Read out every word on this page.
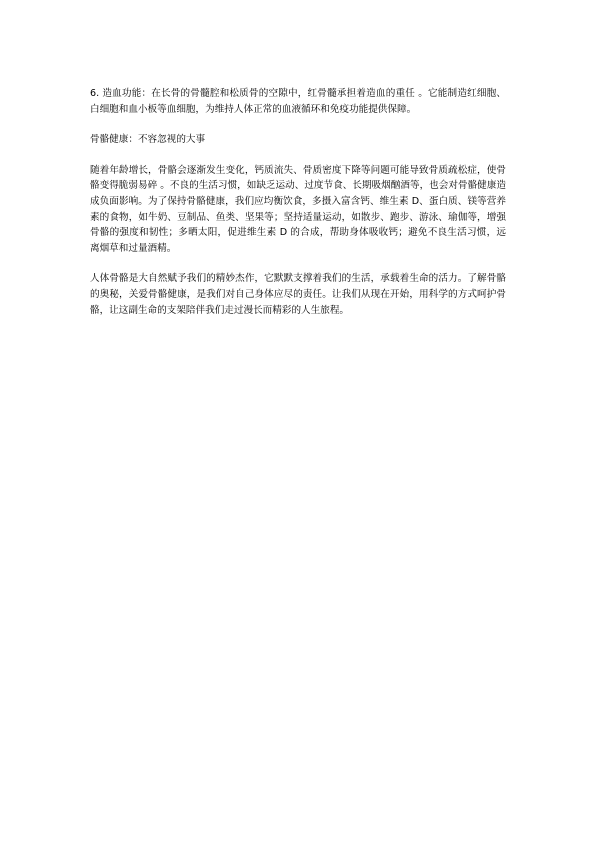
6. 造血功能：在长骨的骨髓腔和松质骨的空隙中，红骨髓承担着造血的重任 。它能制造红细胞、白细胞和血小板等血细胞，为维持人体正常的血液循环和免疫功能提供保障。

骨骼健康：不容忽视的大事

随着年龄增长，骨骼会逐渐发生变化，钙质流失、骨质密度下降等问题可能导致骨质疏松症，使骨骼变得脆弱易碎 。不良的生活习惯，如缺乏运动、过度节食、长期吸烟酗酒等，也会对骨骼健康造成负面影响。为了保持骨骼健康，我们应均衡饮食，多摄入富含钙、维生素 D、蛋白质、镁等营养素的食物，如牛奶、豆制品、鱼类、坚果等；坚持适量运动，如散步、跑步、游泳、瑜伽等，增强骨骼的强度和韧性；多晒太阳，促进维生素 D 的合成，帮助身体吸收钙；避免不良生活习惯，远离烟草和过量酒精。

人体骨骼是大自然赋予我们的精妙杰作，它默默支撑着我们的生活，承载着生命的活力。了解骨骼的奥秘，关爱骨骼健康，是我们对自己身体应尽的责任。让我们从现在开始，用科学的方式呵护骨骼，让这副生命的支架陪伴我们走过漫长而精彩的人生旅程。
